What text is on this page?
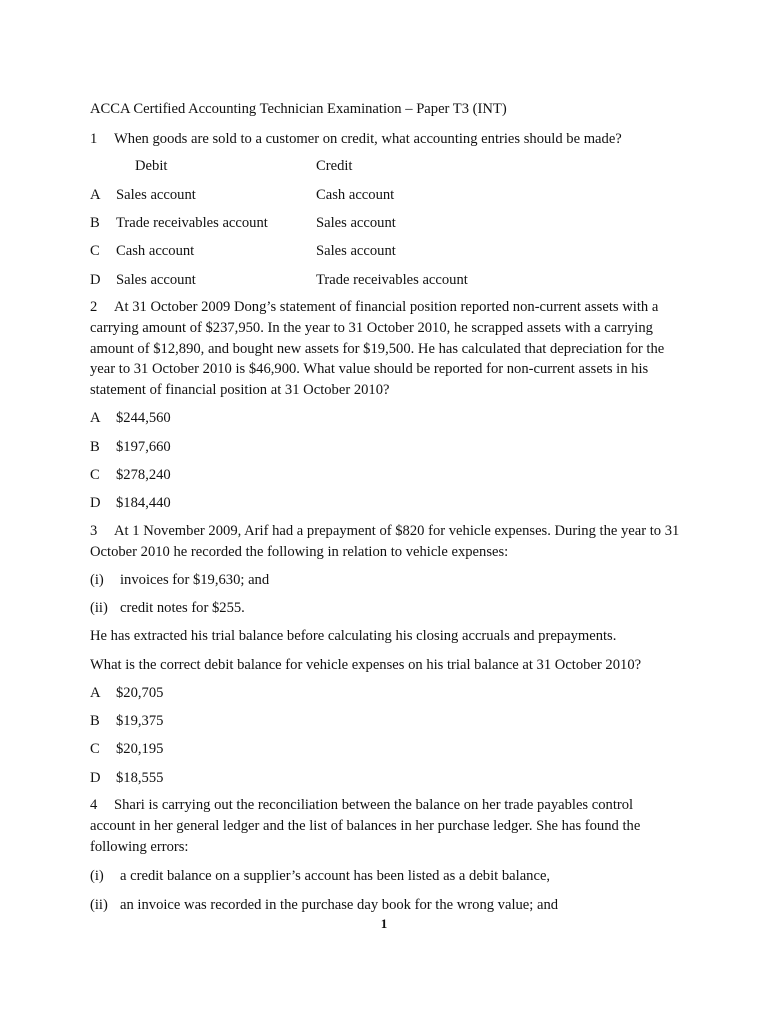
ACCA Certified Accounting Technician Examination – Paper T3 (INT)
1 When goods are sold to a customer on credit, what accounting entries should be made?
Debit	Credit
A Sales account	Cash account
B Trade receivables account	Sales account
C Cash account	Sales account
D Sales account	Trade receivables account
2 At 31 October 2009 Dong’s statement of financial position reported non-current assets with a carrying amount of $237,950. In the year to 31 October 2010, he scrapped assets with a carrying amount of $12,890, and bought new assets for $19,500. He has calculated that depreciation for the year to 31 October 2010 is $46,900. What value should be reported for non-current assets in his statement of financial position at 31 October 2010?
A $244,560
B $197,660
C $278,240
D $184,440
3 At 1 November 2009, Arif had a prepayment of $820 for vehicle expenses. During the year to 31 October 2010 he recorded the following in relation to vehicle expenses:
(i) invoices for $19,630; and
(ii) credit notes for $255.
He has extracted his trial balance before calculating his closing accruals and prepayments.
What is the correct debit balance for vehicle expenses on his trial balance at 31 October 2010?
A $20,705
B $19,375
C $20,195
D $18,555
4 Shari is carrying out the reconciliation between the balance on her trade payables control account in her general ledger and the list of balances in her purchase ledger. She has found the following errors:
(i) a credit balance on a supplier’s account has been listed as a debit balance,
(ii) an invoice was recorded in the purchase day book for the wrong value; and
1
